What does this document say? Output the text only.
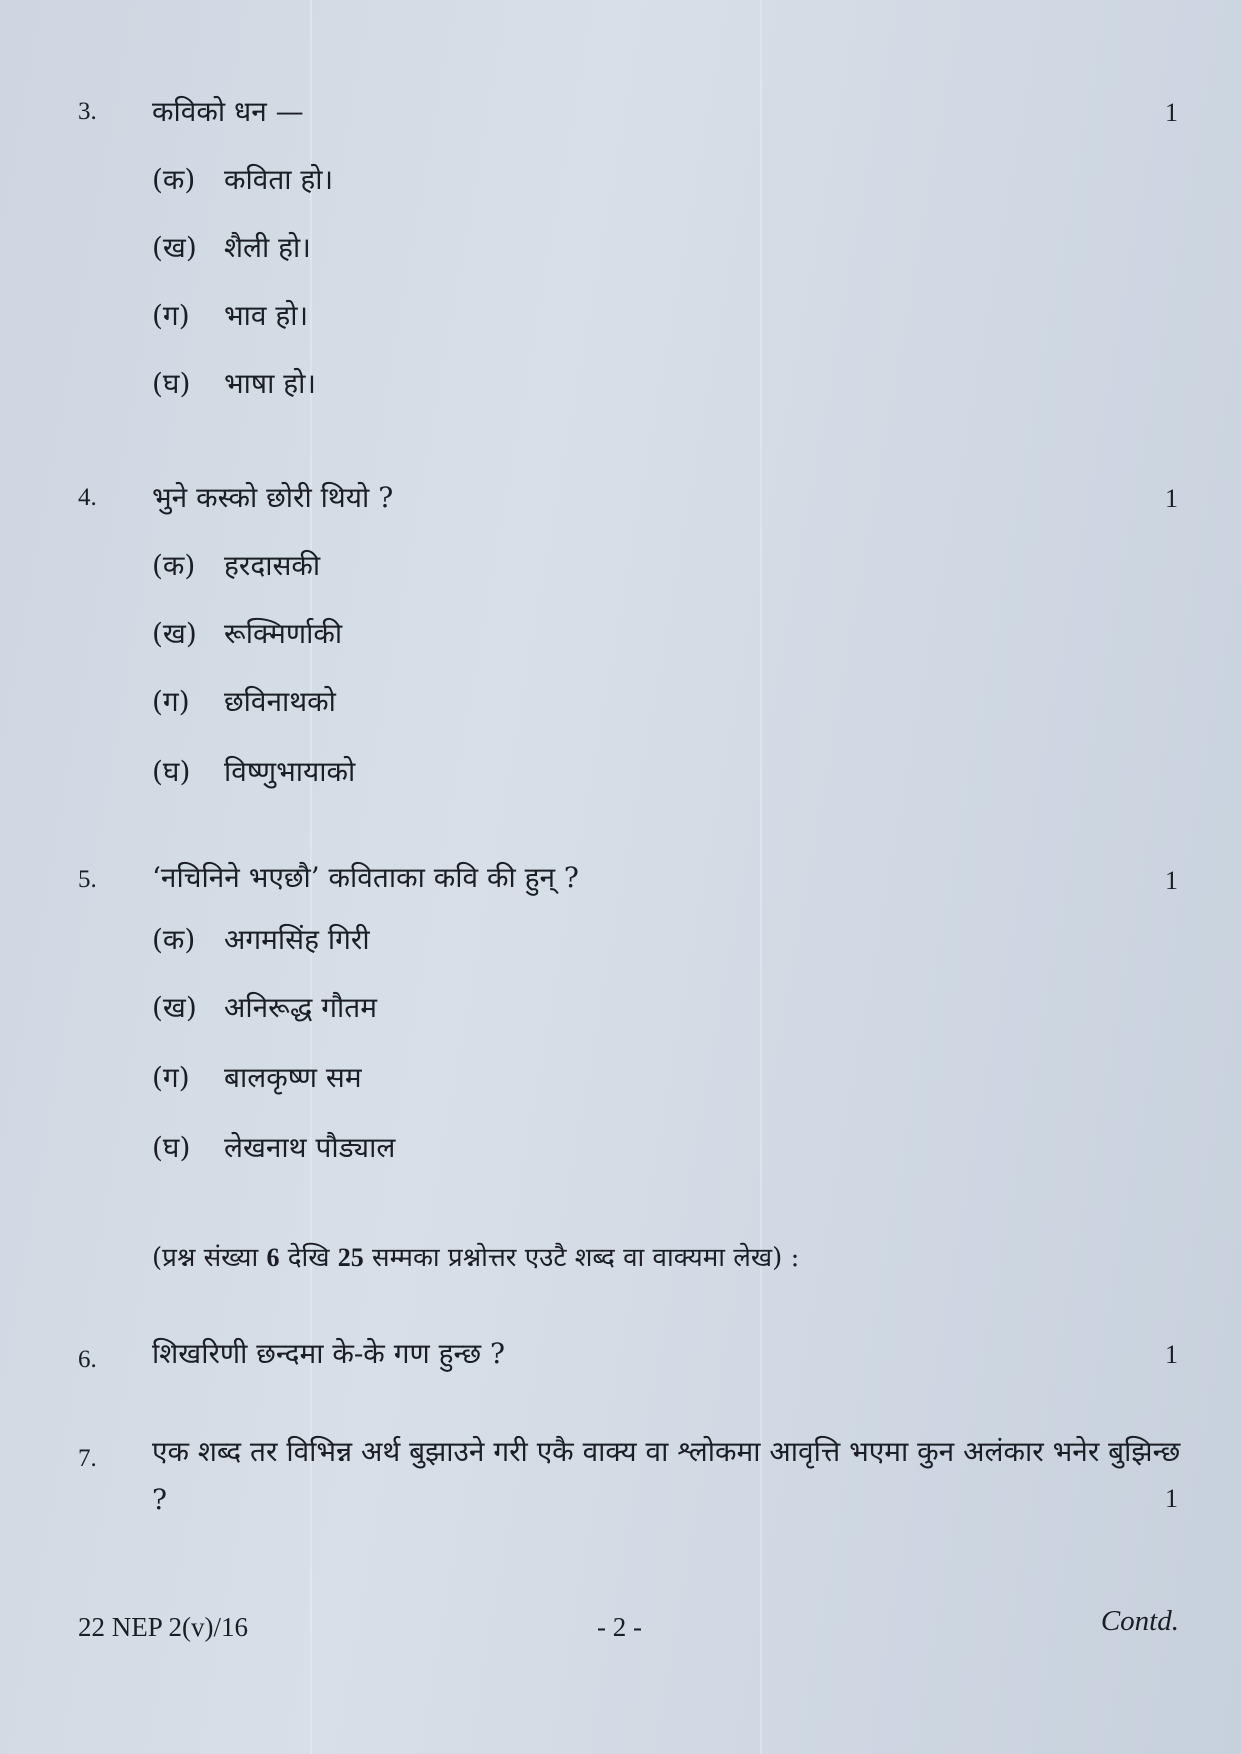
3. कविको धन —	1
(क) कविता हो।
(ख) शैली हो।
(ग) भाव हो।
(घ) भाषा हो।
4. भुने कस्को छोरी थियो ?	1
(क) हरदासकी
(ख) रूक्मिर्णाकी
(ग) छविनाथको
(घ) विष्णुभायाको
5. ‘नचिनिने भएछौ’ कविताका कवि की हुन् ?	1
(क) अगमसिंह गिरी
(ख) अनिरूद्ध गौतम
(ग) बालकृष्ण सम
(घ) लेखनाथ पौड्याल
(प्रश्न संख्या 6 देखि 25 सम्मका प्रश्नोत्तर एउटै शब्द वा वाक्यमा लेख) :
6. शिखरिणी छन्दमा के-के गण हुन्छ ?	1
7. एक शब्द तर विभिन्न अर्थ बुझाउने गरी एकै वाक्य वा श्लोकमा आवृत्ति भएमा कुन अलंकार भनेर बुझिन्छ ?	1
22 NEP 2(v)/16	- 2 -	Contd.
